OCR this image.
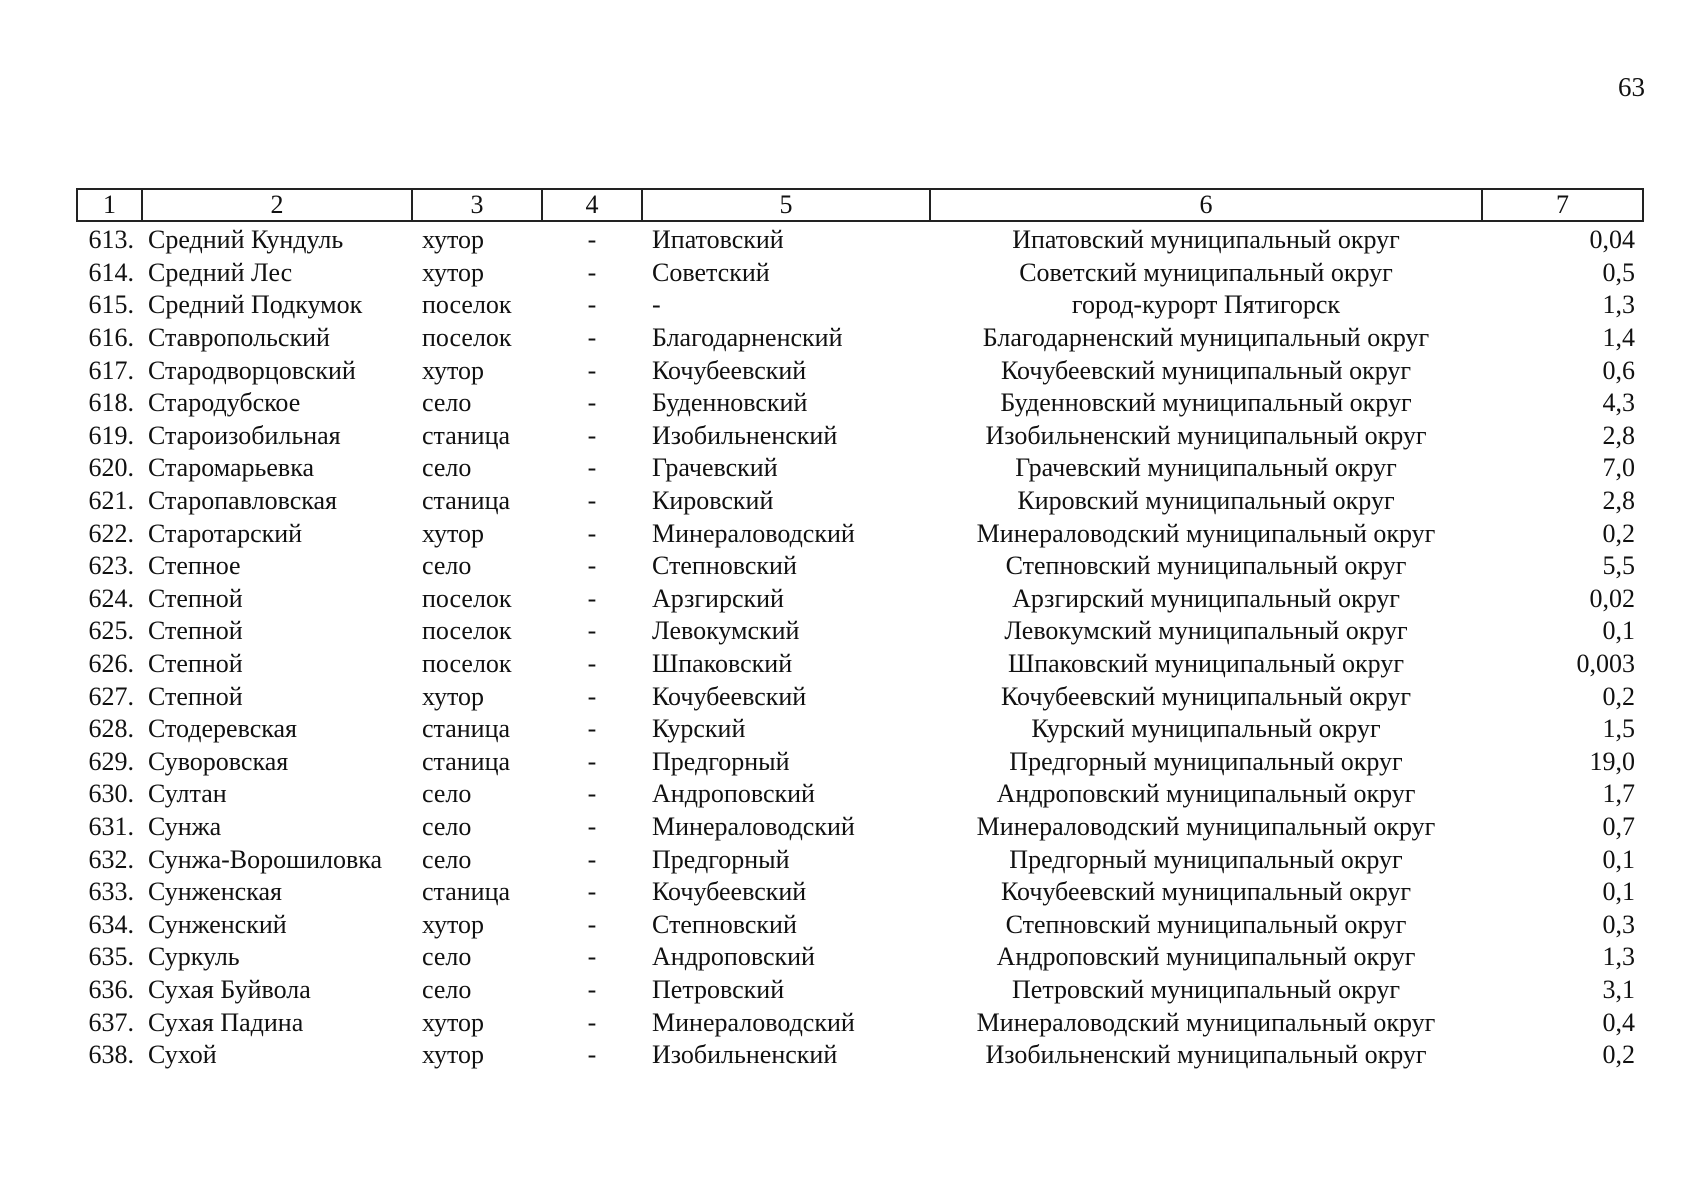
63
1	2	3	4	5	6	7
613.	Средний Кундуль	хутор	-	Ипатовский	Ипатовский муниципальный округ	0,04
614.	Средний Лес	хутор	-	Советский	Советский муниципальный округ	0,5
615.	Средний Подкумок	поселок	-	-	город-курорт Пятигорск	1,3
616.	Ставропольский	поселок	-	Благодарненский	Благодарненский муниципальный округ	1,4
617.	Стародворцовский	хутор	-	Кочубеевский	Кочубеевский муниципальный округ	0,6
618.	Стародубское	село	-	Буденновский	Буденновский муниципальный округ	4,3
619.	Староизобильная	станица	-	Изобильненский	Изобильненский муниципальный округ	2,8
620.	Старомарьевка	село	-	Грачевский	Грачевский муниципальный округ	7,0
621.	Старопавловская	станица	-	Кировский	Кировский муниципальный округ	2,8
622.	Старотарский	хутор	-	Минераловодский	Минераловодский муниципальный округ	0,2
623.	Степное	село	-	Степновский	Степновский муниципальный округ	5,5
624.	Степной	поселок	-	Арзгирский	Арзгирский муниципальный округ	0,02
625.	Степной	поселок	-	Левокумский	Левокумский муниципальный округ	0,1
626.	Степной	поселок	-	Шпаковский	Шпаковский муниципальный округ	0,003
627.	Степной	хутор	-	Кочубеевский	Кочубеевский муниципальный округ	0,2
628.	Стодеревская	станица	-	Курский	Курский муниципальный округ	1,5
629.	Суворовская	станица	-	Предгорный	Предгорный муниципальный округ	19,0
630.	Султан	село	-	Андроповский	Андроповский муниципальный округ	1,7
631.	Сунжа	село	-	Минераловодский	Минераловодский муниципальный округ	0,7
632.	Сунжа-Ворошиловка	село	-	Предгорный	Предгорный муниципальный округ	0,1
633.	Сунженская	станица	-	Кочубеевский	Кочубеевский муниципальный округ	0,1
634.	Сунженский	хутор	-	Степновский	Степновский муниципальный округ	0,3
635.	Суркуль	село	-	Андроповский	Андроповский муниципальный округ	1,3
636.	Сухая Буйвола	село	-	Петровский	Петровский муниципальный округ	3,1
637.	Сухая Падина	хутор	-	Минераловодский	Минераловодский муниципальный округ	0,4
638.	Сухой	хутор	-	Изобильненский	Изобильненский муниципальный округ	0,2
